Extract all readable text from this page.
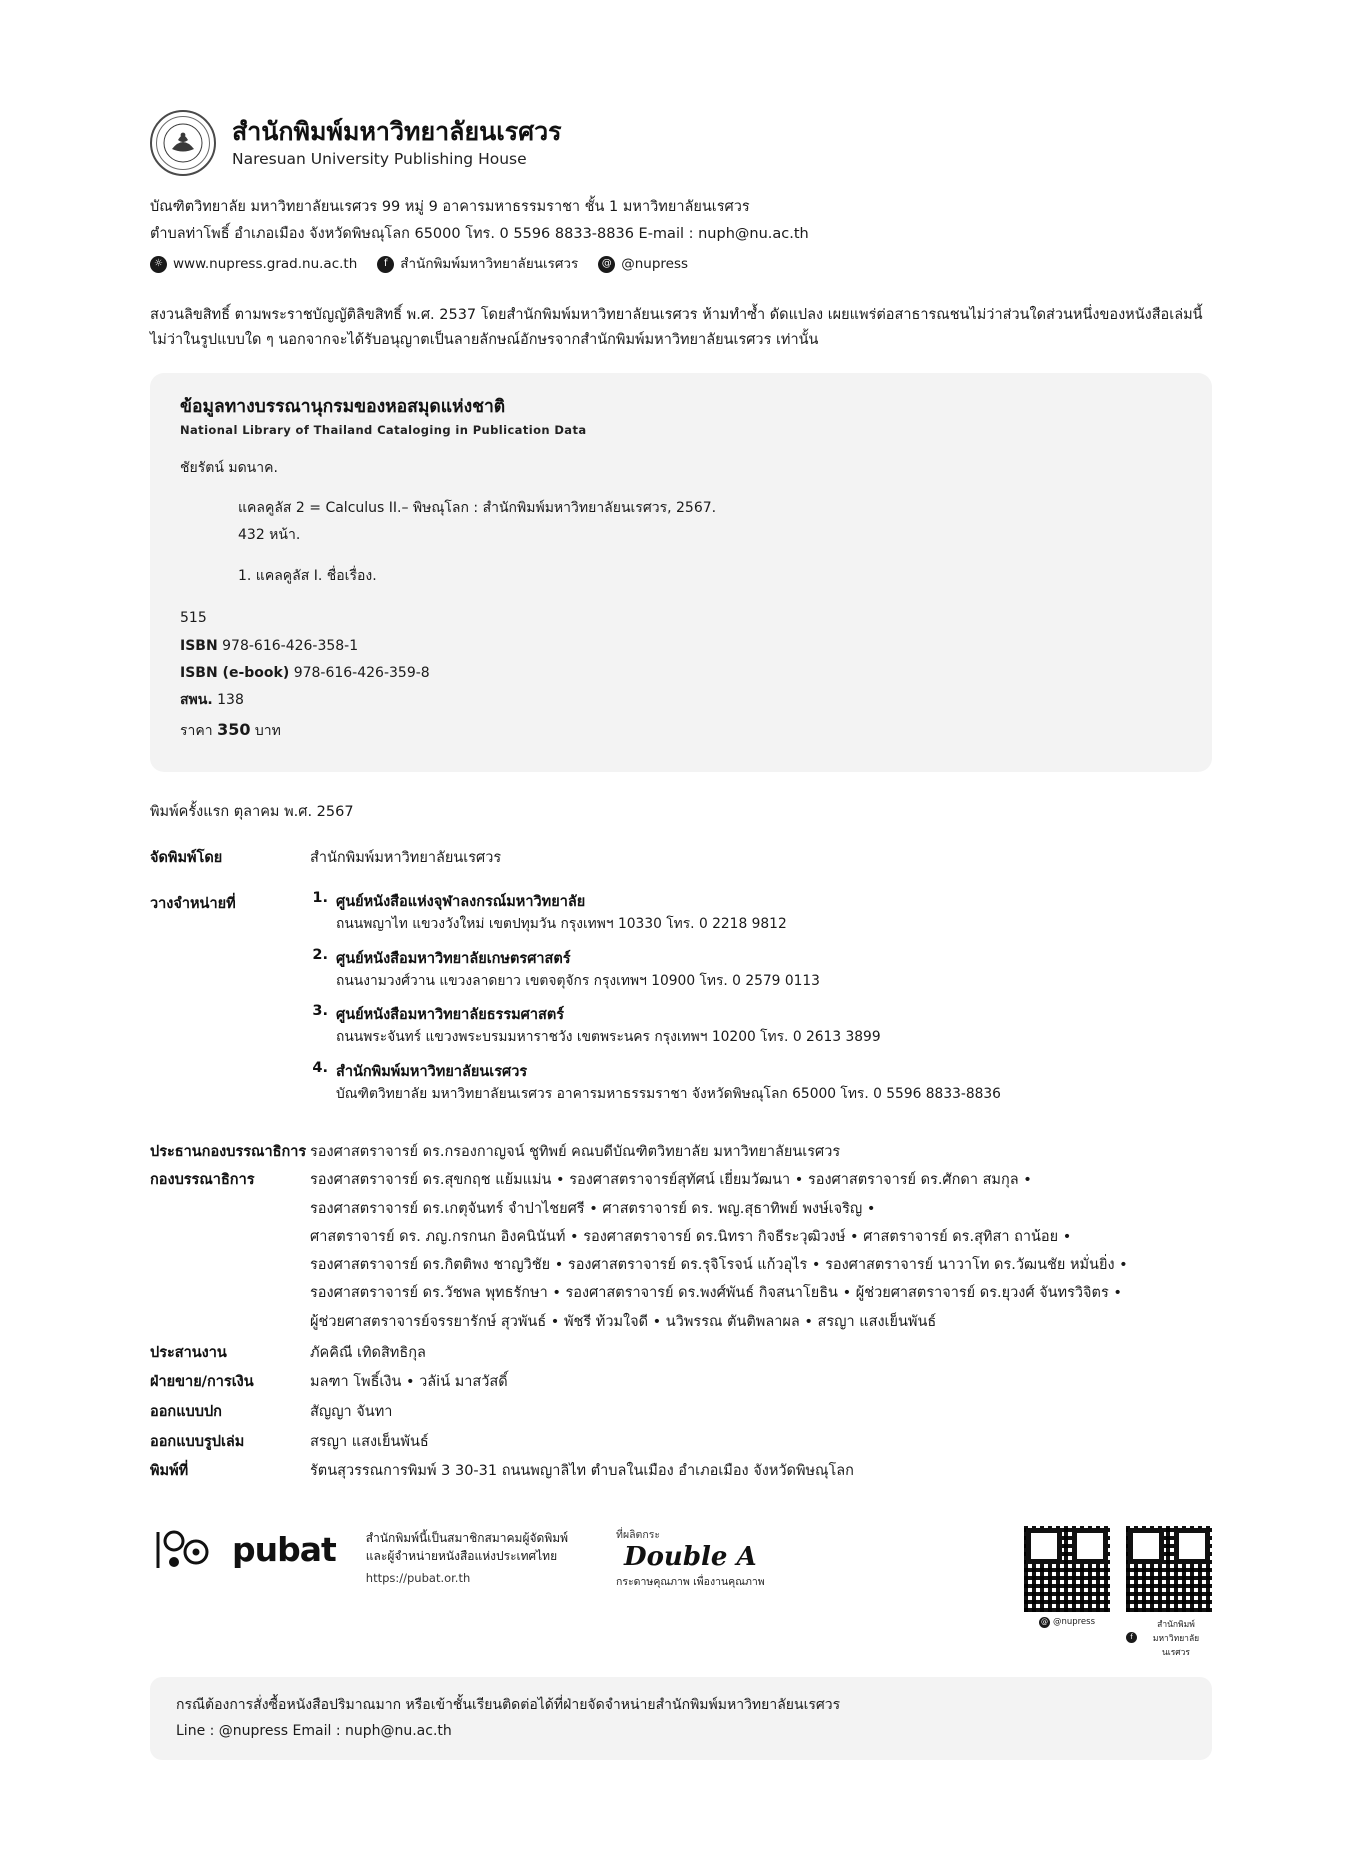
สำนักพิมพ์มหาวิทยาลัยนเรศวร
Naresuan University Publishing House
บัณฑิตวิทยาลัย มหาวิทยาลัยนเรศวร 99 หมู่ 9 อาคารมหาธรรมราชา ชั้น 1 มหาวิทยาลัยนเรศวร
ตำบลท่าโพธิ์ อำเภอเมือง จังหวัดพิษณุโลก 65000 โทร. 0 5596 8833-8836 E-mail : nuph@nu.ac.th
☼ www.nupress.grad.nu.ac.th	f สำนักพิมพ์มหาวิทยาลัยนเรศวร	@ @nupress
สงวนลิขสิทธิ์ ตามพระราชบัญญัติลิขสิทธิ์ พ.ศ. 2537 โดยสำนักพิมพ์มหาวิทยาลัยนเรศวร ห้ามทำซ้ำ ดัดแปลง เผยแพร่ต่อสาธารณชนไม่ว่าส่วนใดส่วนหนึ่งของหนังสือเล่มนี้ ไม่ว่าในรูปแบบใด ๆ นอกจากจะได้รับอนุญาตเป็นลายลักษณ์อักษรจากสำนักพิมพ์มหาวิทยาลัยนเรศวร เท่านั้น
ข้อมูลทางบรรณานุกรมของหอสมุดแห่งชาติ
National Library of Thailand Cataloging in Publication Data
ชัยรัตน์ มดนาค.
แคลคูลัส 2 = Calculus II.– พิษณุโลก : สำนักพิมพ์มหาวิทยาลัยนเรศวร, 2567.
432 หน้า.
1. แคลคูลัส I. ชื่อเรื่อง.
515
ISBN 978-616-426-358-1
ISBN (e-book) 978-616-426-359-8
สพน. 138
ราคา 350 บาท
พิมพ์ครั้งแรก ตุลาคม พ.ศ. 2567
จัดพิมพ์โดย	สำนักพิมพ์มหาวิทยาลัยนเรศวร
วางจำหน่ายที่	1. ศูนย์หนังสือแห่งจุฬาลงกรณ์มหาวิทยาลัย
ถนนพญาไท แขวงวังใหม่ เขตปทุมวัน กรุงเทพฯ 10330 โทร. 0 2218 9812
2. ศูนย์หนังสือมหาวิทยาลัยเกษตรศาสตร์
ถนนงามวงศ์วาน แขวงลาดยาว เขตจตุจักร กรุงเทพฯ 10900 โทร. 0 2579 0113
3. ศูนย์หนังสือมหาวิทยาลัยธรรมศาสตร์
ถนนพระจันทร์ แขวงพระบรมมหาราชวัง เขตพระนคร กรุงเทพฯ 10200 โทร. 0 2613 3899
4. สำนักพิมพ์มหาวิทยาลัยนเรศวร
บัณฑิตวิทยาลัย มหาวิทยาลัยนเรศวร อาคารมหาธรรมราชา จังหวัดพิษณุโลก 65000 โทร. 0 5596 8833-8836
ประธานกองบรรณาธิการ รองศาสตราจารย์ ดร.กรองกาญจน์ ชูทิพย์ คณบดีบัณฑิตวิทยาลัย มหาวิทยาลัยนเรศวร
กองบรรณาธิการ	รองศาสตราจารย์ ดร.สุขกฤช แย้มแม่น • รองศาสตราจารย์สุทัศน์ เยี่ยมวัฒนา • รองศาสตราจารย์ ดร.ศักดา สมกุล •
รองศาสตราจารย์ ดร.เกตุจันทร์ จำปาไชยศรี • ศาสตราจารย์ ดร. พญ.สุธาทิพย์ พงษ์เจริญ •
ศาสตราจารย์ ดร. ภญ.กรกนก อิงคนินันท์ • รองศาสตราจารย์ ดร.นิทรา กิจธีระวุฒิวงษ์ • ศาสตราจารย์ ดร.สุทิสา ถาน้อย •
รองศาสตราจารย์ ดร.กิตติพง ชาญวิชัย • รองศาสตราจารย์ ดร.รุจิโรจน์ แก้วอุไร • รองศาสตราจารย์ นาวาโท ดร.วัฒนชัย หมั่นยิ่ง •
รองศาสตราจารย์ ดร.วัชพล พุทธรักษา • รองศาสตราจารย์ ดร.พงศ์พันธ์ กิจสนาโยธิน • ผู้ช่วยศาสตราจารย์ ดร.ยุวงศ์ จันทรวิจิตร •
ผู้ช่วยศาสตราจารย์จรรยารักษ์ สุวพันธ์ • พัชรี ท้วมใจดี • นวิพรรณ ตันติพลาผล • สรญา แสงเย็นพันธ์
ประสานงาน	ภัคคิณี เทิดสิทธิกุล
ฝ่ายขาย/การเงิน	มลฑา โพธิ์เงิน • วลัiน์ มาสวัสดิ์
ออกแบบปก	สัญญา จันทา
ออกแบบรูปเล่ม	สรญา แสงเย็นพันธ์
พิมพ์ที่	รัตนสุวรรณการพิมพ์ 3 30-31 ถนนพญาลิไท ตำบลในเมือง อำเภอเมือง จังหวัดพิษณุโลก
pubat	สำนักพิมพ์นี้เป็นสมาชิกสมาคมผู้จัดพิมพ์
และผู้จำหน่ายหนังสือแห่งประเทศไทย
https://pubat.or.th
ที่ผลิตกระ
Double A
กระดาษคุณภาพ เพื่องานคุณภาพ
@ @nupress
f
สำนักพิมพ์มหาวิทยาลัยนเรศวร
กรณีต้องการสั่งซื้อหนังสือปริมาณมาก หรือเข้าชั้นเรียนติดต่อได้ที่ฝ่ายจัดจำหน่ายสำนักพิมพ์มหาวิทยาลัยนเรศวร
Line : @nupress Email : nuph@nu.ac.th
